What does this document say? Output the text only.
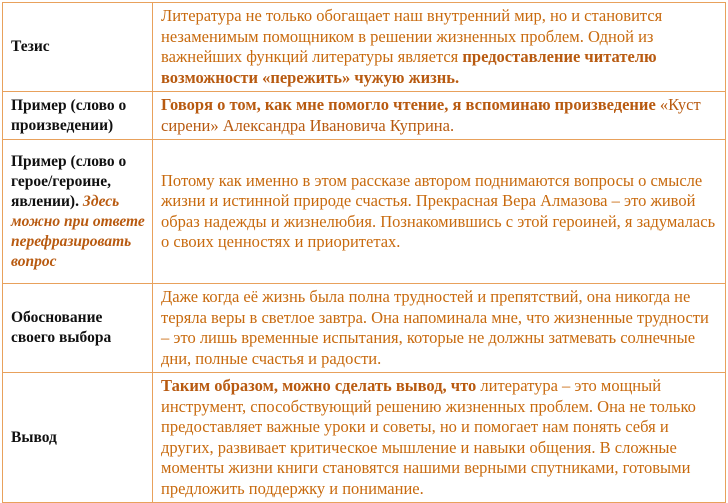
Тезис	Литература не только обогащает наш внутренний мир, но и становится незаменимым помощником в решении жизненных проблем. Одной из важнейших функций литературы является предоставление читателю возможности «пережить» чужую жизнь.
Пример (слово о произведении)	Говоря о том, как мне помогло чтение, я вспоминаю произведение «Куст сирени» Александра Ивановича Куприна.
Пример (слово о герое/героине, явлении). Здесь можно при ответе перефразировать вопрос	Потому как именно в этом рассказе автором поднимаются вопросы о смысле жизни и истинной природе счастья. Прекрасная Вера Алмазова – это живой образ надежды и жизнелюбия. Познакомившись с этой героиней, я задумалась о своих ценностях и приоритетах.
Обоснование своего выбора	Даже когда её жизнь была полна трудностей и препятствий, она никогда не теряла веры в светлое завтра. Она напоминала мне, что жизненные трудности – это лишь временные испытания, которые не должны затмевать солнечные дни, полные счастья и радости.
Вывод	Таким образом, можно сделать вывод, что литература – это мощный инструмент, способствующий решению жизненных проблем. Она не только предоставляет важные уроки и советы, но и помогает нам понять себя и других, развивает критическое мышление и навыки общения. В сложные моменты жизни книги становятся нашими верными спутниками, готовыми предложить поддержку и понимание.
